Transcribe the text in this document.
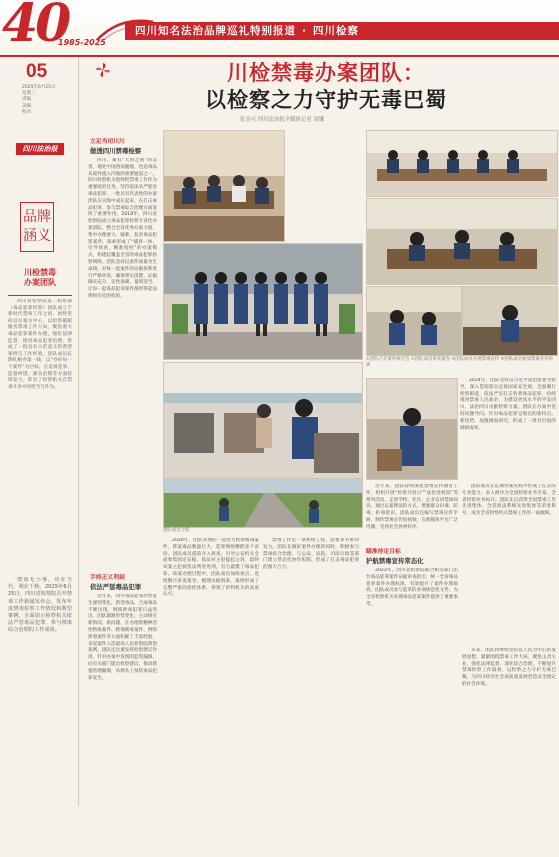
40
1985-2025
四川知名法治品牌巡礼特别报道 · 四川检察
05
2025年6月25日
星期三
责编：
美编：
校对：
四川法治报
品牌
涵义
川检禁毒
办案团队
四川省检察院第二检察部（毒品犯罪检察）团队成立于新时代禁毒工作之初，始终坚持以办案为中心，以检察履职服务禁毒工作大局，聚焦重大毒品犯罪案件办理，强化法律监督，推进毒品犯罪治理，形成了一批具有示范意义的典型案例与工作经验。团队成员长期扎根办案一线，以“办好每一个案件”为目标，在追诉犯罪、监督纠错、源头治理等方面持续发力，彰显了检察机关在禁毒斗争中的担当与作为。
禁毒无小事，功在当代，利在千秋。2025年6月25日，四川省检察院召开禁毒工作新闻发布会，发布年度禁毒检察工作情况和典型案例，全面展示检察机关依法严惩毒品犯罪、参与禁毒综合治理的工作成效。
川检禁毒办案团队：
以检察之力守护无毒巴蜀
张金可 四川法治报全媒体记者 周娜
立足当司川川
做透四川禁毒检察
四川，素有“天府之国”的美誉，地处中国西南腹地，也是毒品从境外流入内地的重要通道之一。四川检察机关始终把禁毒工作作为重要政治任务，坚持依法从严惩处毒品犯罪，一批具有代表性的办案团队在实践中成长起来，在打击毒品犯罪、参与禁毒综合治理方面发挥了重要作用。2018年，四川省检察院成立毒品犯罪检察专业化办案团队，整合全省优秀办案力量，集中办理重大、疑难、复杂毒品犯罪案件，探索形成了“捕诉一体、引导侦查、精准指控”的办案模式，构建起覆盖全省的毒品犯罪检察网络。团队坚持以案件质量为生命线，对每一起案件的证据体系进行严格审查，确保事实清楚、证据确实充分、定性准确、量刑适当，让每一起毒品犯罪案件都经得起法律和历史的检验。
手持正义利剑
依法严惩毒品犯罪
近年来，四川毒品犯罪形势发生深刻变化，新型毒品、合成毒品不断出现，网络涉毒犯罪日益突出，团队紧跟形势变化，主动研究新情况、新问题，在办理新精神活性物质案件、跨境贩毒案件、网络涉毒案件等方面积累了丰富经验，多起案件入选最高人民检察院典型案例。团队还注重发挥检察建议作用，针对办案中发现的监管漏洞，向有关部门提出检察建议，推动堵塞管理漏洞，从源头上预防毒品犯罪发生。
①团队召开案件研讨会 ②团队成员审查案卷 ③团队成员开展禁毒宣传 ④团队成员参加禁毒业务培训
团队成员合影
2020年，团队办理的一起特大跨境贩毒案件，涉案毒品数量巨大，犯罪网络横跨多个省份。团队成员提前介入侦查，引导公安机关全面收集固定证据，依法对主犯提起公诉，最终该案主犯被依法判处死刑，有力震慑了毒品犯罪。该案办理过程中，团队成员加班加点，连续数月审查案卷，梳理证据链条，最终形成了完整严密的指控体系，得到了审判机关的高度认可。
禁毒工作是一项系统工程，需要多方协同发力。团队在做好案件办理的同时，积极参与禁毒综合治理，与公安、法院、司法行政等部门建立常态化协作机制，形成了打击毒品犯罪的强大合力。
2024年，团队坚持以习近平法治思想为指导，深入贯彻落实总体国家安全观，全面履行检察职能，依法严厉打击各类毒品犯罪，持续推进禁毒人民战争，为建设更高水平的平安四川、法治四川贡献检察力量。团队在办案中坚持问题导向，针对毒品犯罪呈现出的新特点、新趋势，加强调查研究，形成了一批有价值的调研成果。
近年来，团队持续深化禁毒宣传教育工作，组织开展“检察开放日”“法治进校园”等系列活动，走进学校、社区、企业宣讲禁毒知识，通过以案释法的方式，增强群众识毒、防毒、拒毒意识。团队成员还编写禁毒宣传手册，制作禁毒宣传短视频，在新媒体平台广泛传播，受到社会各界好评。
瞄准待定目标
护航禁毒宣传常态化
2023年，四川省检察院联合相关部门出台毒品犯罪案件证据审查指引，统一全省毒品犯罪案件办理标准，有效提升了案件办理质效。团队成员参与起草的多项规范性文件，为全省检察机关办理毒品犯罪案件提供了重要参考。
团队成员在长期办案实践中形成了扎实的专业能力，多人被评为全国检察业务专家、全省检察业务标兵。团队先后获得全国禁毒工作先进集体、全省政法系统先进集体等荣誉称号，成为全省检察机关禁毒工作的一面旗帜。
未来，团队将继续坚持以人民为中心的发展思想，紧紧围绕禁毒工作大局，聚焦主责主业，强化法律监督，深化综合治理，不断提升禁毒检察工作质效，以检察之力守护无毒巴蜀，为四川经济社会高质量发展营造安全稳定的社会环境。
